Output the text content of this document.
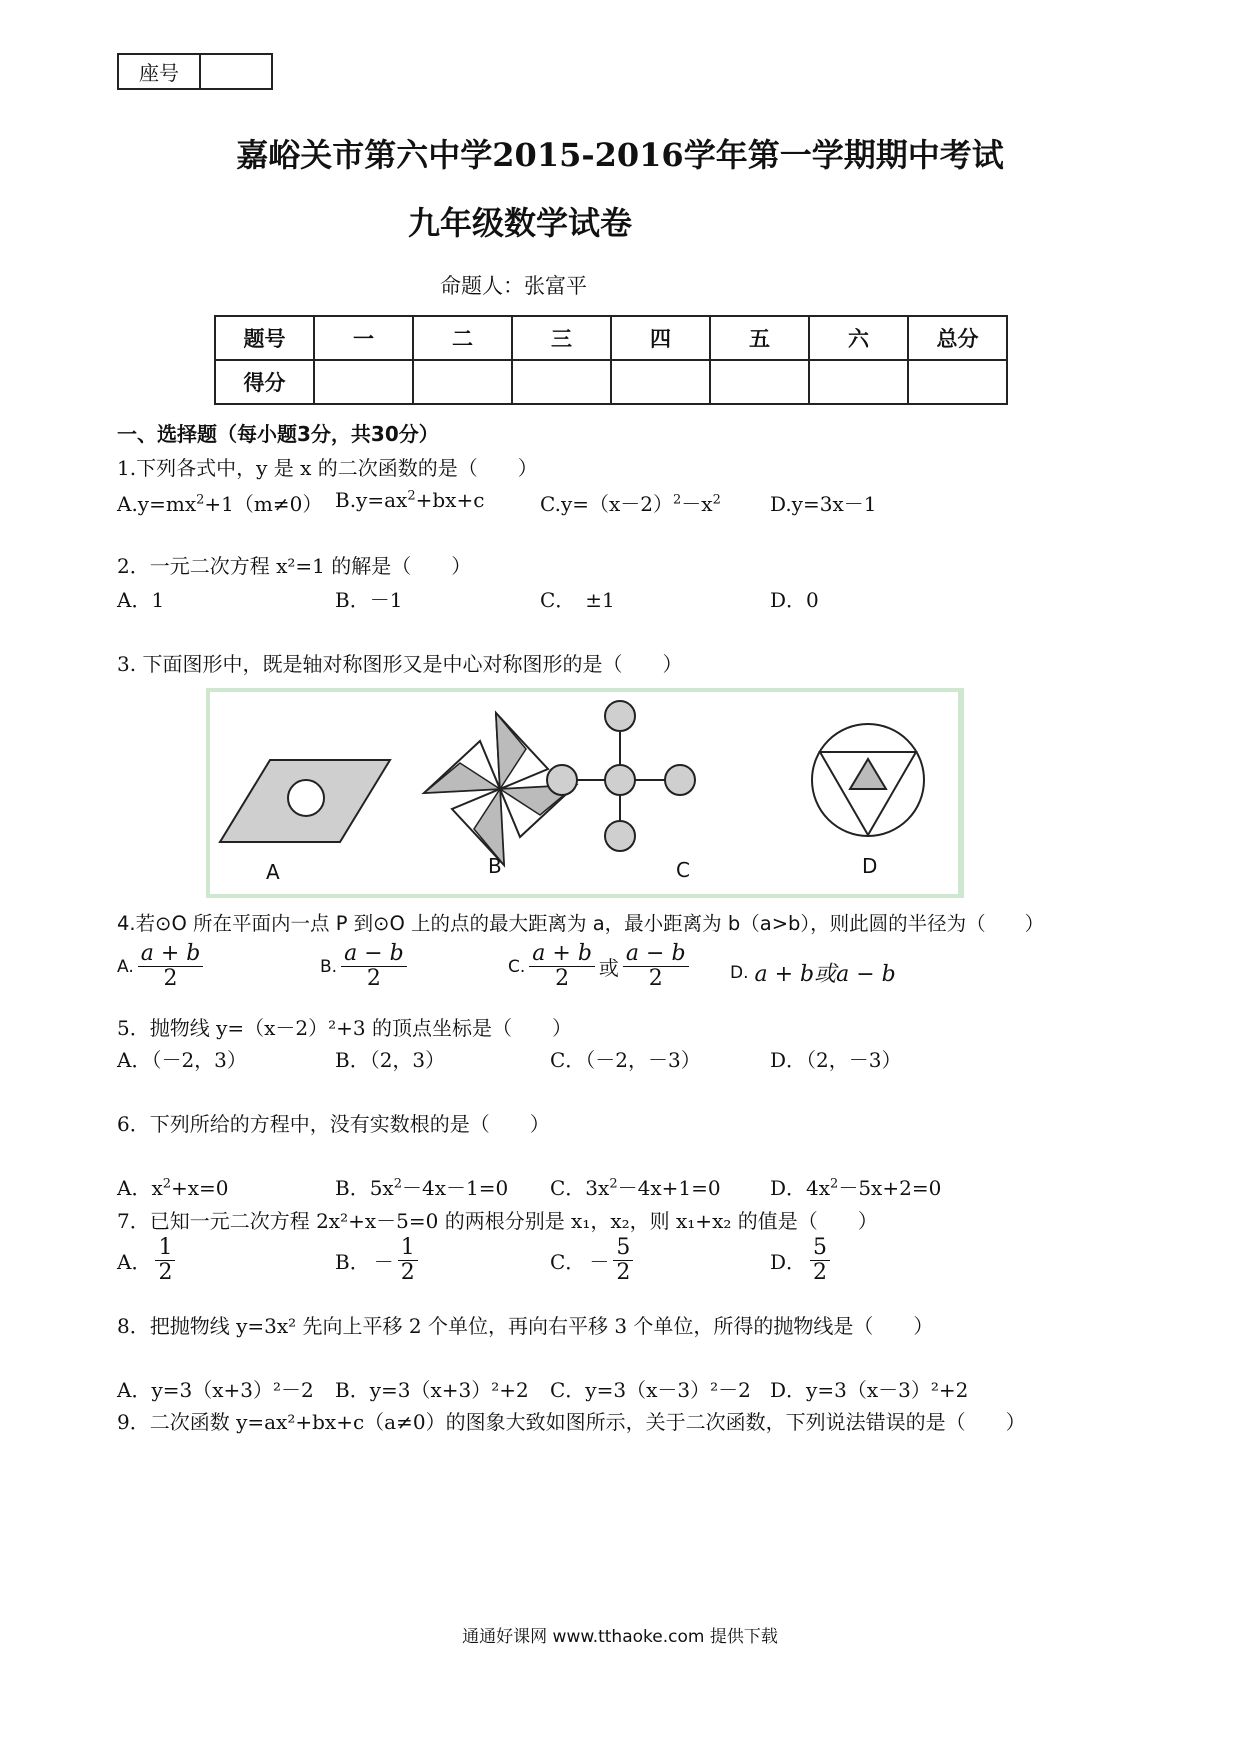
座号
嘉峪关市第六中学2015-2016学年第一学期期中考试
九年级数学试卷
命题人：张富平
题号	一	二	三	四	五	六	总分
得分							
一、选择题（每小题3分，共30分）
1.下列各式中，y 是 x 的二次函数的是（　　）
$A.y=mx^2+1(m\ne 0)$ $B.y=ax^2+bx+c$	$C.y=(x-2)^2-x^2$ D.y=3x－1
2．一元二次方程 x²=1 的解是（　　）
A．1	B．－1	C．　±1	D．0
3. 下面图形中，既是轴对称图形又是中心对称图形的是（　　）
A	B	C	D
4.若⊙O 所在平面内一点 P 到⊙O 上的点的最大距离为 a，最小距离为 b（a>b），则此圆的半径为（　　）
A. $\frac{a + b}{2}$	B. $\frac{a - b}{2}$	C. $\frac{a + b}{2}$ 或 $\frac{a - b}{2} D$. a + b或a − b
5．抛物线 y=（x－2）²+3 的顶点坐标是（　　）
A．（－2，3）	B．（2，3）	C．（－2，－3）	D．（2，－3）
6．下列所给的方程中，没有实数根的是（　　）
A．$x^2+x=0$	B．$5x^2-4x-1=0$ C．$3x^2-4x+1=0$ D．$4x^2-5x+2=0$
7．已知一元二次方程 2x²+x－5=0 的两根分别是 x₁，x₂，则 x₁+x₂ 的值是（　　）
A． $\frac{1}{2}$	B． － $\frac{1}{2}$	C． － $\frac{5}{2}$	D． $\frac{5}{2}$
8．把抛物线 y=3x² 先向上平移 2 个单位，再向右平移 3 个单位，所得的抛物线是（　　）
A．y=3（x+3）²－2 B．y=3（x+3）²+2 C．y=3（x－3）²－2 D．y=3（x－3）²+2
9．二次函数 y=ax²+bx+c（a≠0）的图象大致如图所示，关于二次函数，下列说法错误的是（　　）
通通好课网 www.tthaoke.com 提供下载
